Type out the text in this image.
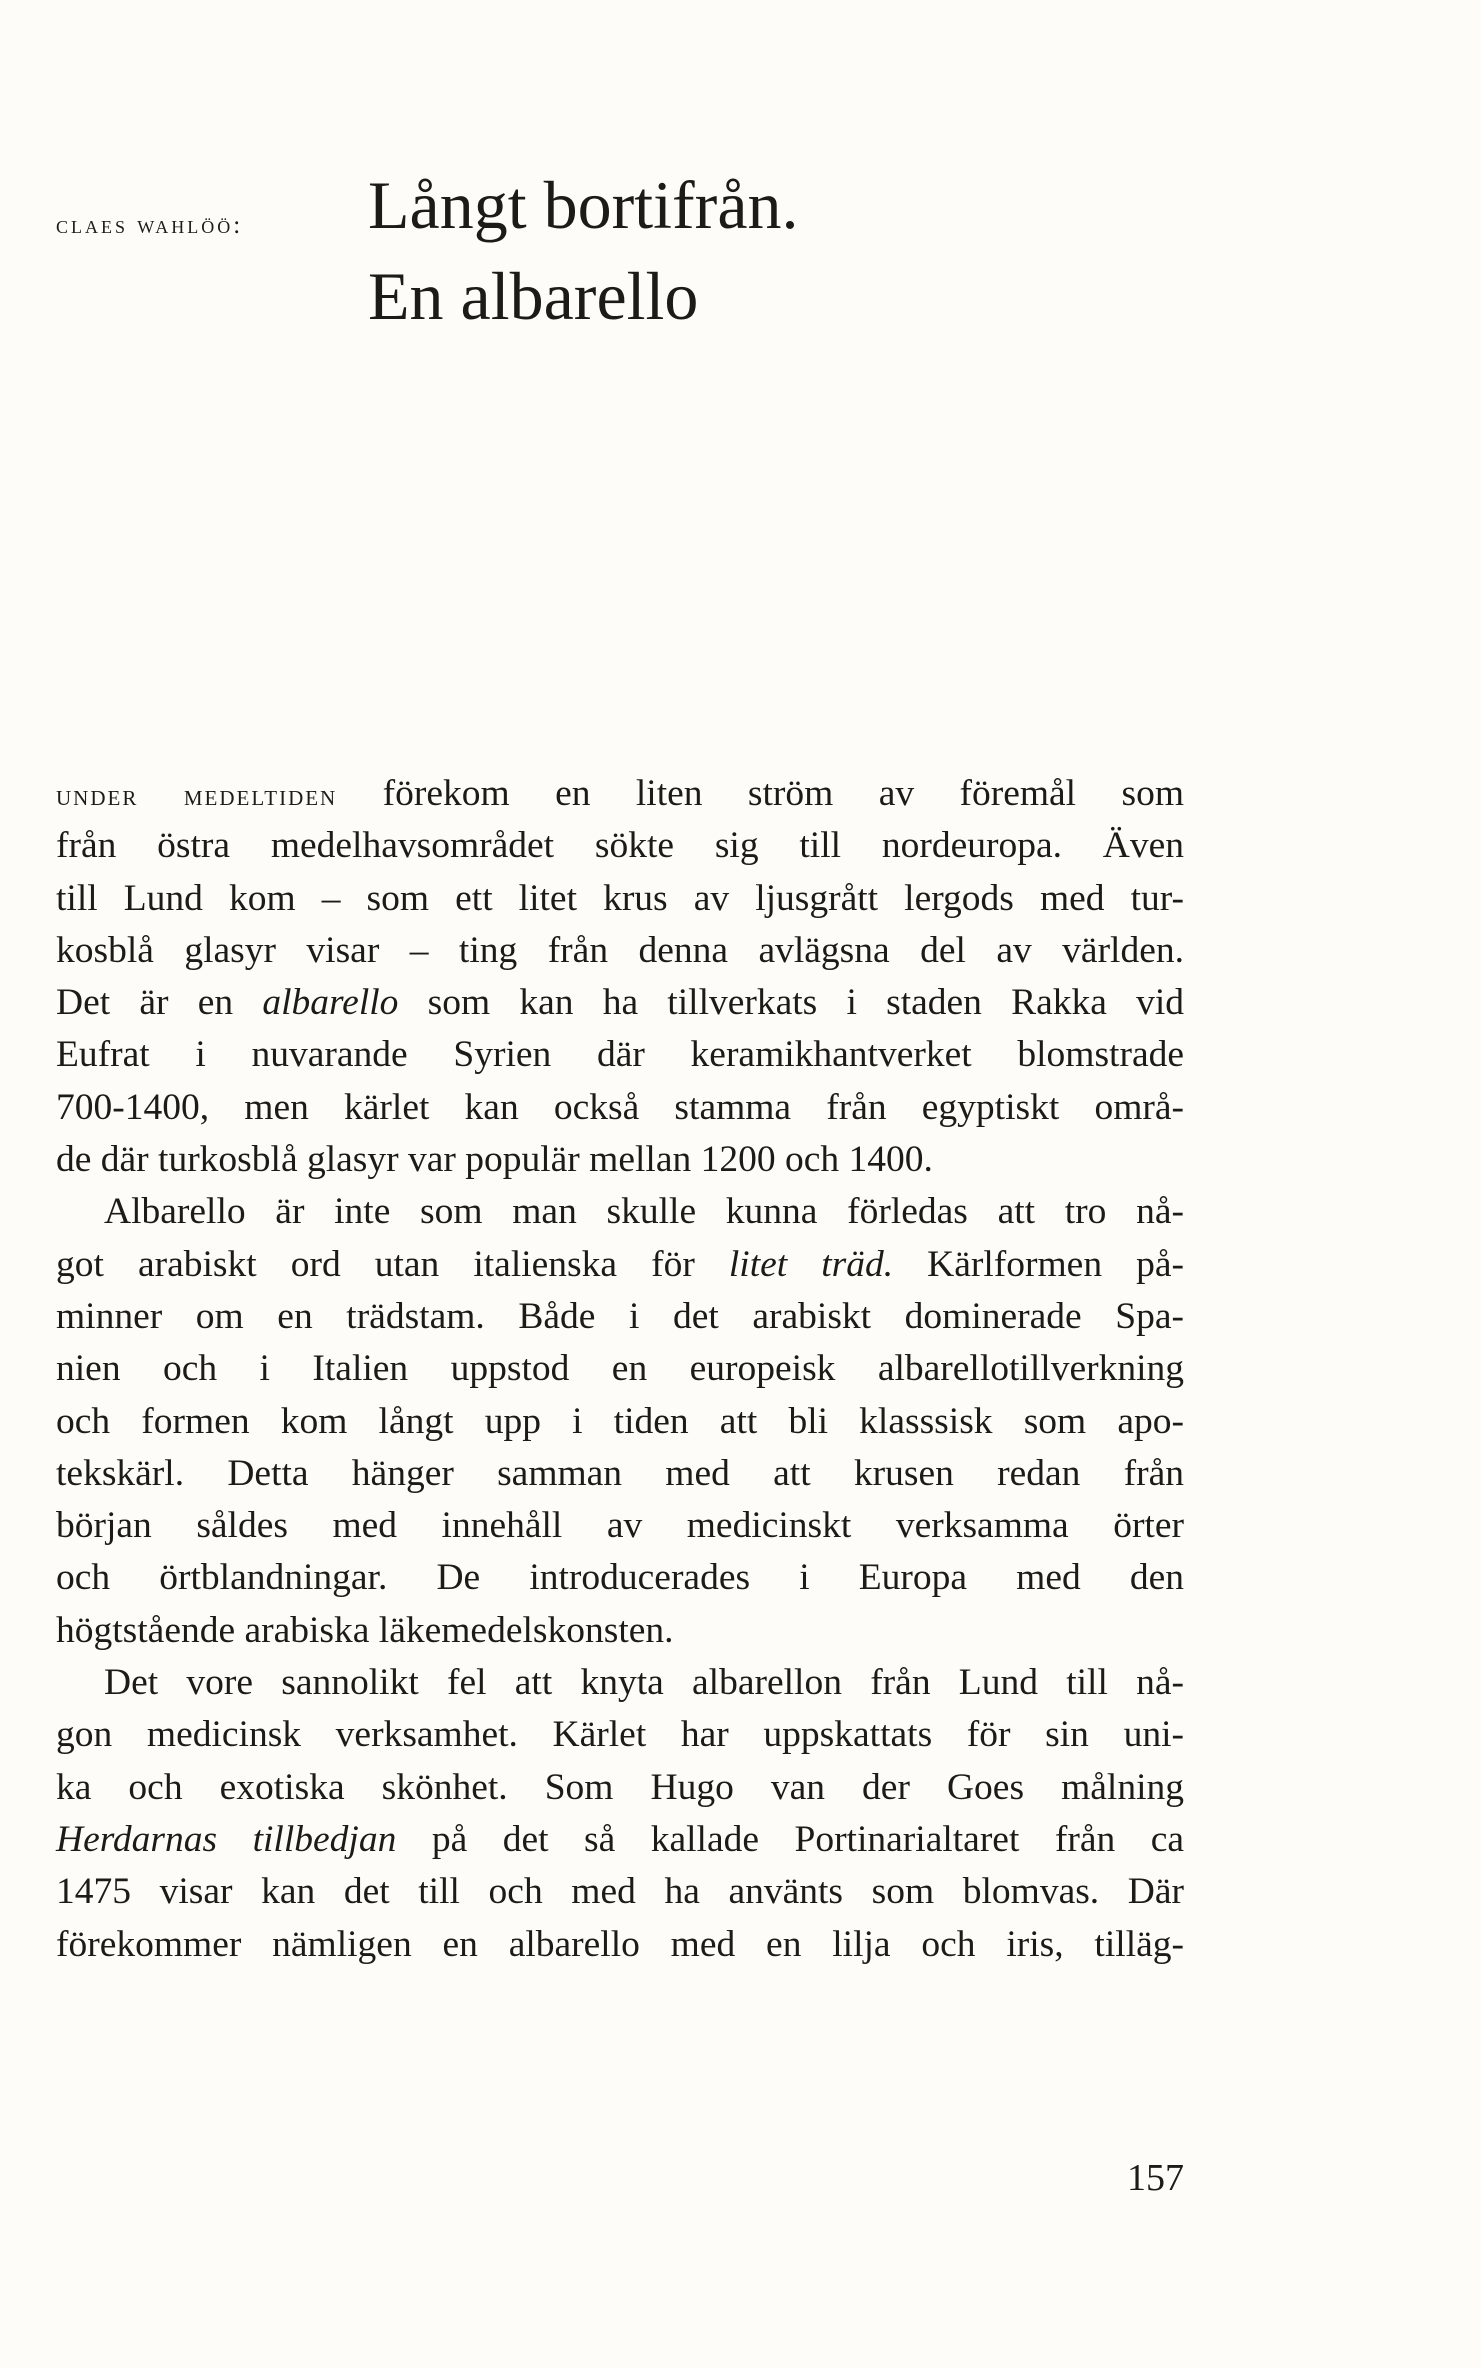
claes wahlöö: Långt bortifrån.
En albarello
under medeltiden förekom en liten ström av föremål som
från östra medelhavsområdet sökte sig till nordeuropa. Även
till Lund kom – som ett litet krus av ljusgrått lergods med tur-
kosblå glasyr visar – ting från denna avlägsna del av världen.
Det är en albarello som kan ha tillverkats i staden Rakka vid
Eufrat i nuvarande Syrien där keramikhantverket blomstrade
700-1400, men kärlet kan också stamma från egyptiskt områ-
de där turkosblå glasyr var populär mellan 1200 och 1400.
Albarello är inte som man skulle kunna förledas att tro nå-
got arabiskt ord utan italienska för litet träd. Kärlformen på-
minner om en trädstam. Både i det arabiskt dominerade Spa-
nien och i Italien uppstod en europeisk albarellotillverkning
och formen kom långt upp i tiden att bli klasssisk som apo-
tekskärl. Detta hänger samman med att krusen redan från
början såldes med innehåll av medicinskt verksamma örter
och örtblandningar. De introducerades i Europa med den
högtstående arabiska läkemedelskonsten.
Det vore sannolikt fel att knyta albarellon från Lund till nå-
gon medicinsk verksamhet. Kärlet har uppskattats för sin uni-
ka och exotiska skönhet. Som Hugo van der Goes målning
Herdarnas tillbedjan på det så kallade Portinarialtaret från ca
1475 visar kan det till och med ha använts som blomvas. Där
förekommer nämligen en albarello med en lilja och iris, tilläg-
157
